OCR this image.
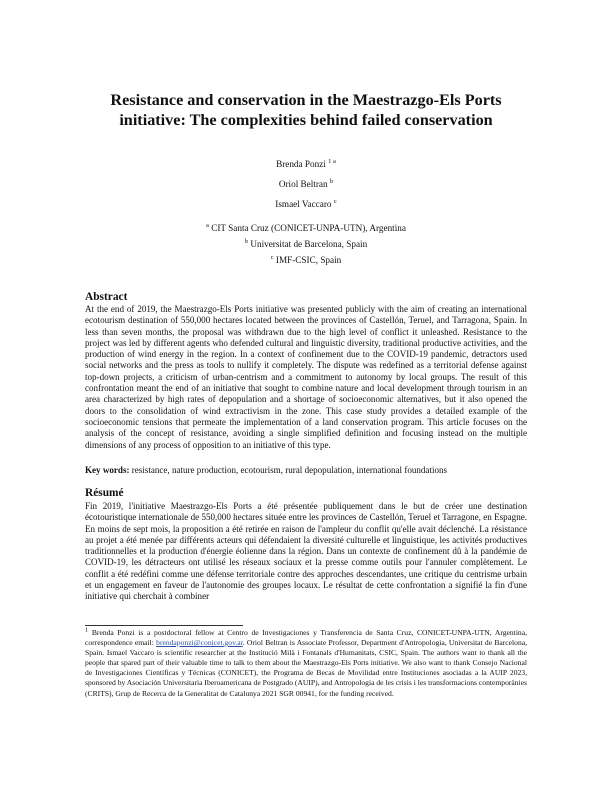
Resistance and conservation in the Maestrazgo-Els Ports
initiative: The complexities behind failed conservation
Brenda Ponzi $^{1 a}$
Oriol Beltran $^b$
Ismael Vaccaro $^c$
$^a$ CIT Santa Cruz (CONICET-UNPA-UTN), Argentina
$^b$ Universitat de Barcelona, Spain
$^c$ IMF-CSIC, Spain
Abstract
At the end of 2019, the Maestrazgo-Els Ports initiative was presented publicly with the aim of creating an international ecotourism destination of 550,000 hectares located between the provinces of Castellón, Teruel, and Tarragona, Spain. In less than seven months, the proposal was withdrawn due to the high level of conflict it unleashed. Resistance to the project was led by different agents who defended cultural and linguistic diversity, traditional productive activities, and the production of wind energy in the region. In a context of confinement due to the COVID-19 pandemic, detractors used social networks and the press as tools to nullify it completely. The dispute was redefined as a territorial defense against top-down projects, a criticism of urban-centrism and a commitment to autonomy by local groups. The result of this confrontation meant the end of an initiative that sought to combine nature and local development through tourism in an area characterized by high rates of depopulation and a shortage of socioeconomic alternatives, but it also opened the doors to the consolidation of wind extractivism in the zone. This case study provides a detailed example of the socioeconomic tensions that permeate the implementation of a land conservation program. This article focuses on the analysis of the concept of resistance, avoiding a single simplified definition and focusing instead on the multiple dimensions of any process of opposition to an initiative of this type.
Key words: resistance, nature production, ecotourism, rural depopulation, international foundations
Résumé
Fin 2019, l'initiative Maestrazgo-Els Ports a été présentée publiquement dans le but de créer une destination écotouristique internationale de 550,000 hectares située entre les provinces de Castellón, Teruel et Tarragone, en Espagne. En moins de sept mois, la proposition a été retirée en raison de l'ampleur du conflit qu'elle avait déclenché. La résistance au projet a été menée par différents acteurs qui défendaient la diversité culturelle et linguistique, les activités productives traditionnelles et la production d'énergie éolienne dans la région. Dans un contexte de confinement dû à la pandémie de COVID-19, les détracteurs ont utilisé les réseaux sociaux et la presse comme outils pour l'annuler complètement. Le conflit a été redéfini comme une défense territoriale contre des approches descendantes, une critique du centrisme urbain et un engagement en faveur de l'autonomie des groupes locaux. Le résultat de cette confrontation a signifié la fin d'une initiative qui cherchait à combiner
$^1$ Brenda Ponzi is a postdoctoral fellow at Centro de Investigaciones y Transferencia de Santa Cruz, CONICET-UNPA-UTN, Argentina, correspondence email: brendaponzi@conicet.gov.ar. Oriol Beltran is Associate Professor, Department d'Antropologia, Universitat de Barcelona, Spain. Ismael Vaccaro is scientific researcher at the Institució Milà i Fontanals d'Humanitats, CSIC, Spain. The authors want to thank all the people that spared part of their valuable time to talk to them about the Maestrazgo-Els Ports initiative. We also want to thank Consejo Nacional de Investigaciones Científicas y Técnicas (CONICET), the Programa de Becas de Movilidad entre Instituciones asociadas a la AUIP 2023, sponsored by Asociación Universitaria Iberoamericana de Postgrado (AUIP), and Antropologia de les crisis i les transformacions contemporànies (CRITS), Grup de Recerca de la Generalitat de Catalunya 2021 SGR 00941, for the funding received.
